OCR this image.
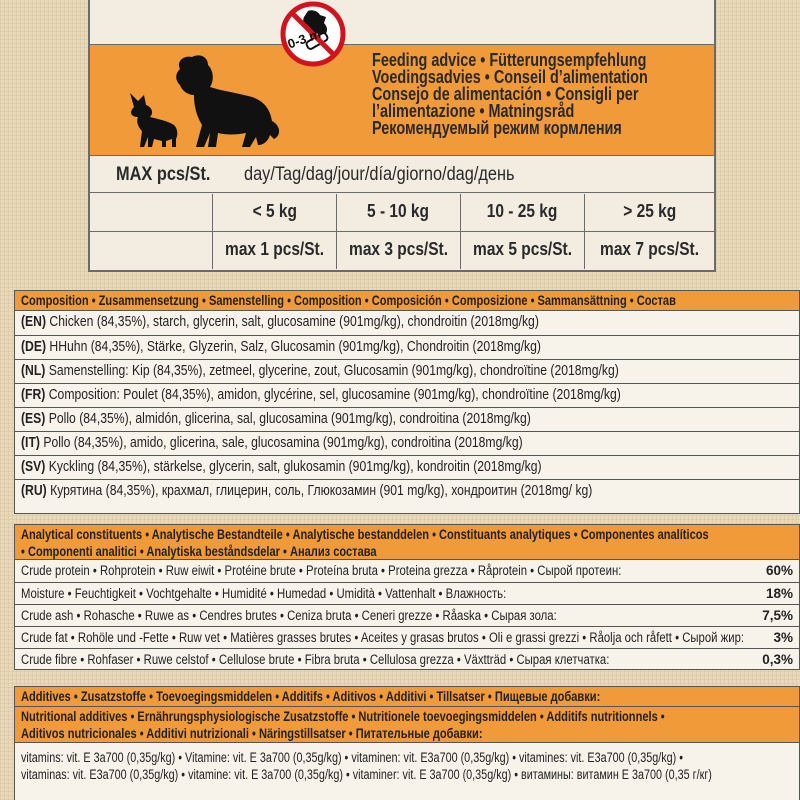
0-3 m
Feeding advice • Fütterungsempfehlung
Voedingsadvies • Conseil d’alimentation
Consejo de alimentación • Consigli per
l’alimentazione • Matningsråd
Рекомендуемый режим кормления
MAX pcs/St. day/Tag/dag/jour/día/giorno/dag/день
< 5 kg	5 - 10 kg	10 - 25 kg	> 25 kg
max 1 pcs/St.	max 3 pcs/St.	max 5 pcs/St.	max 7 pcs/St.
Composition • Zusammensetzung • Samenstelling • Composition • Composición • Composizione • Sammansättning • Состав
(EN) Chicken (84,35%), starch, glycerin, salt, glucosamine (901mg/kg), chondroitin (2018mg/kg)
(DE) HHuhn (84,35%), Stärke, Glyzerin, Salz, Glucosamin (901mg/kg), Chondroitin (2018mg/kg)
(NL) Samenstelling: Kip (84,35%), zetmeel, glycerine, zout, Glucosamin (901mg/kg), chondroïtine (2018mg/kg)
(FR) Composition: Poulet (84,35%), amidon, glycérine, sel, glucosamine (901mg/kg), chondroïtine (2018mg/kg)
(ES) Pollo (84,35%), almidón, glicerina, sal, glucosamina (901mg/kg), condroitina (2018mg/kg)
(IT) Pollo (84,35%), amido, glicerina, sale, glucosamina (901mg/kg), condroitina (2018mg/kg)
(SV) Kyckling (84,35%), stärkelse, glycerin, salt, glukosamin (901mg/kg), kondroitin (2018mg/kg)
(RU) Курятина (84,35%), крахмал, глицерин, соль, Глюкозамин (901 mg/kg), хондроитин (2018mg/ kg)
Analytical constituents • Analytische Bestandteile • Analytische bestanddelen • Constituants analytiques • Componentes analíticos
• Componenti analitici • Analytiska beståndsdelar • Анализ состава
Crude protein • Rohprotein • Ruw eiwit • Protéine brute • Proteína bruta • Proteina grezza • Råprotein • Сырой протеин:	60%
Moisture • Feuchtigkeit • Vochtgehalte • Humidité • Humedad • Umidità • Vattenhalt • Влажность:	18%
Crude ash • Rohasche • Ruwe as • Cendres brutes • Ceniza bruta • Ceneri grezze • Råaska • Сырая зола:	7,5%
Crude fat • Rohöle und -Fette • Ruw vet • Matières grasses brutes • Aceites y grasas brutos • Oli e grassi grezzi • Råolja och råfett • Сырой жир: 3%
Crude fibre • Rohfaser • Ruwe celstof • Cellulose brute • Fibra bruta • Cellulosa grezza • Växtträd • Сырая клетчатка:	0,3%
Additives • Zusatzstoffe • Toevoegingsmiddelen • Additifs • Aditivos • Additivi • Tillsatser • Пищевые добавки:
Nutritional additives • Ernährungsphysiologische Zusatzstoffe • Nutritionele toevoegingsmiddelen • Additifs nutritionnels •
Aditivos nutricionales • Additivi nutrizionali • Näringstillsatser • Питательные добавки:
vitamins: vit. E 3a700 (0,35g/kg) • Vitamine: vit. E 3a700 (0,35g/kg) • vitaminen: vit. E3a700 (0,35g/kg) • vitamines: vit. E3a700 (0,35g/kg) •
vitaminas: vit. E3a700 (0,35g/kg) • vitamine: vit. E 3a700 (0,35g/kg) • vitaminer: vit. E 3a700 (0,35g/kg) • витамины: витамин E 3a700 (0,35 г/кг)
